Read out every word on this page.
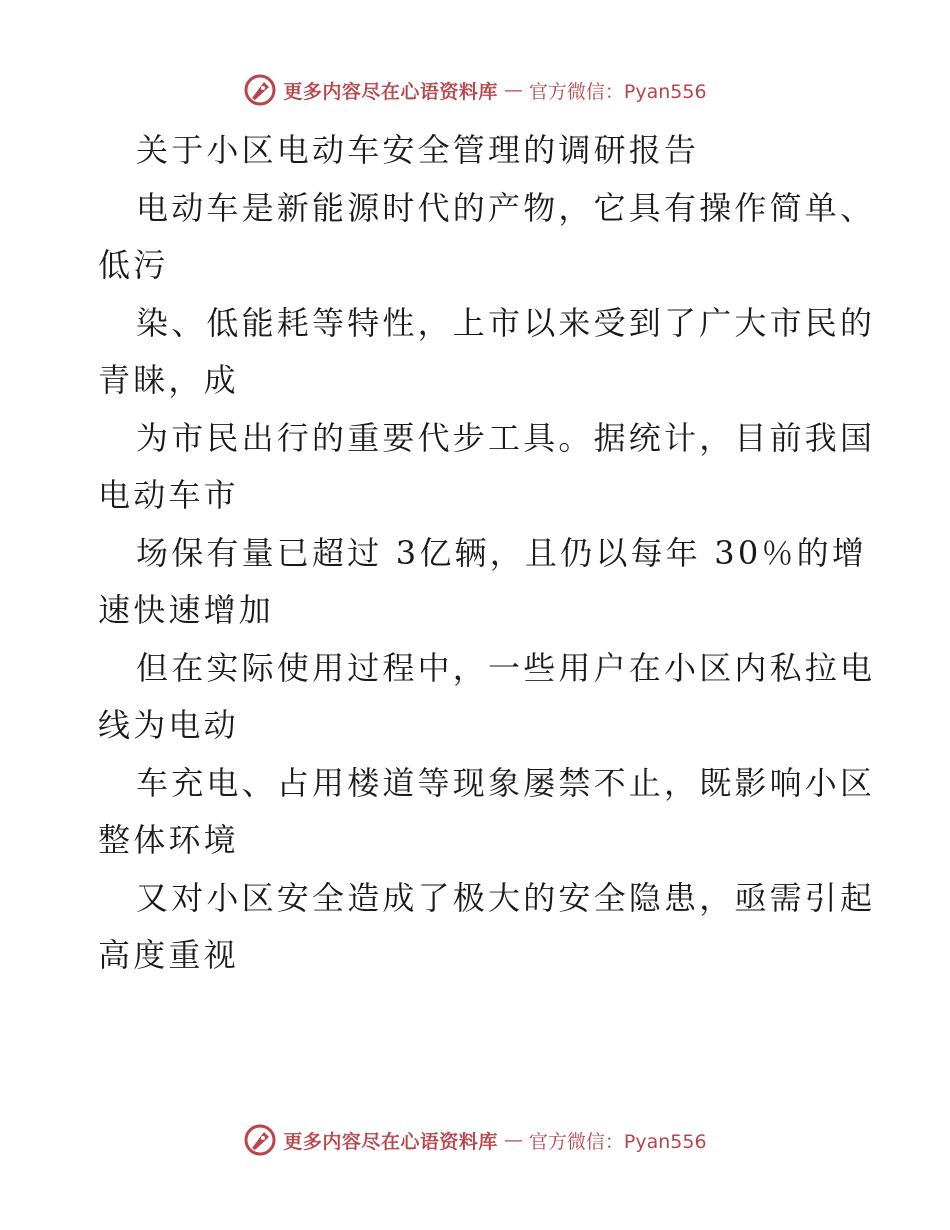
更多内容尽在心语资料库 — 官方微信：Pyan556

关于小区电动车安全管理的调研报告

电动车是新能源时代的产物，它具有操作简单、

低污

染、低能耗等特性，上市以来受到了广大市民的

青睐，成

为市民出行的重要代步工具。据统计，目前我国

电动车市

场保有量已超过 3亿辆，且仍以每年 30％的增

速快速增加

但在实际使用过程中，一些用户在小区内私拉电

线为电动

车充电、占用楼道等现象屡禁不止，既影响小区

整体环境

又对小区安全造成了极大的安全隐患，亟需引起

高度重视

更多内容尽在心语资料库 — 官方微信：Pyan556
